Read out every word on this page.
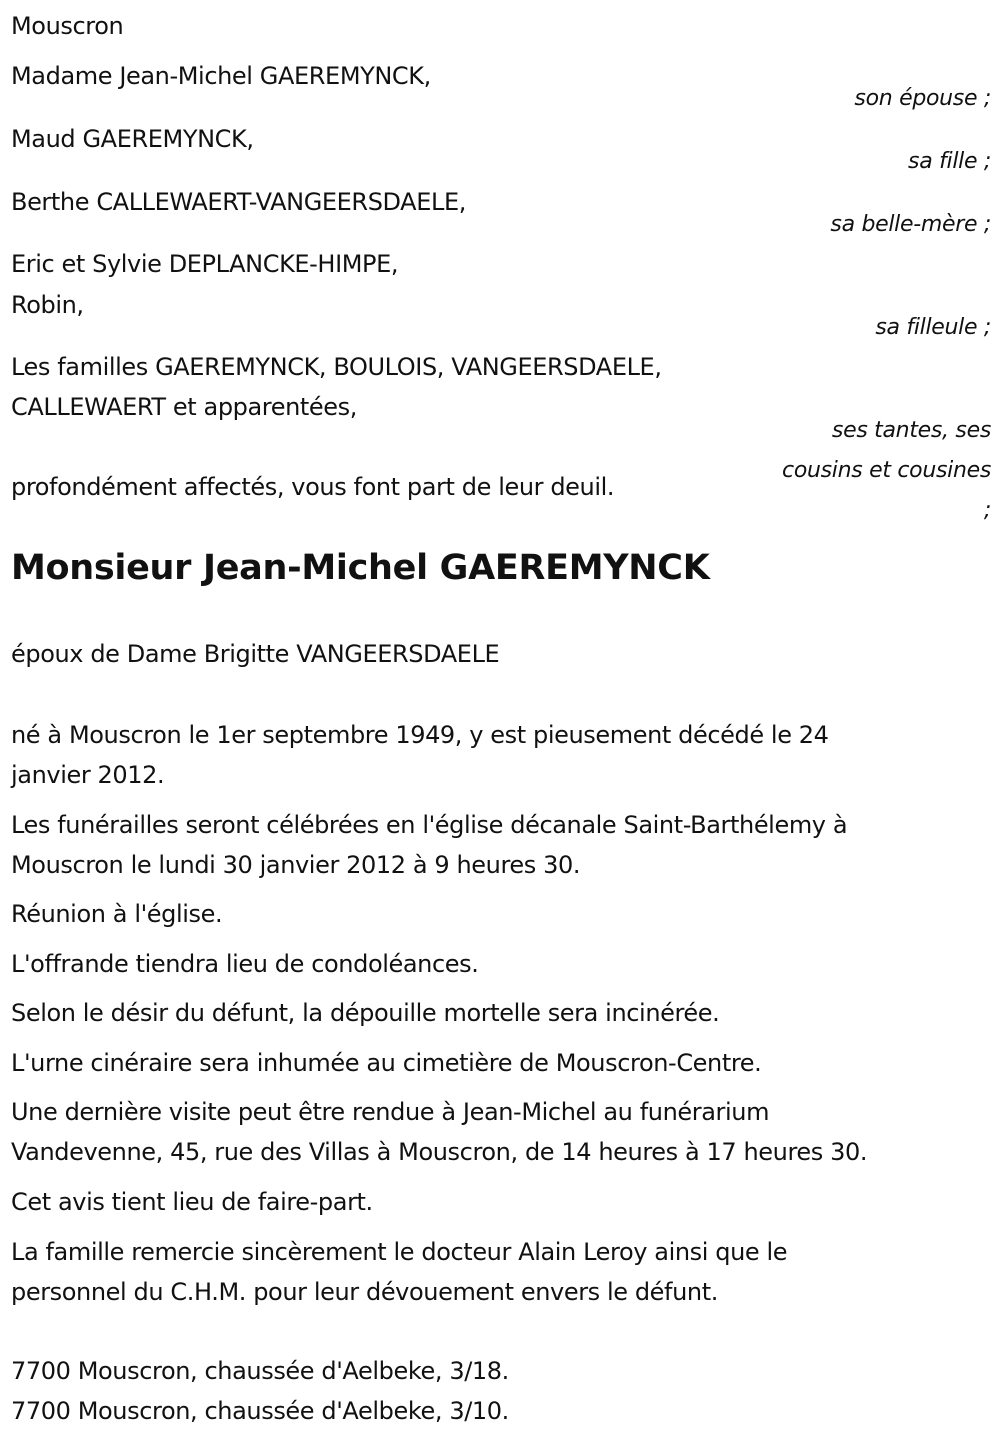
Mouscron
Madame Jean-Michel GAEREMYNCK,
son épouse ;
Maud GAEREMYNCK,
sa fille ;
Berthe CALLEWAERT-VANGEERSDAELE,
sa belle-mère ;
Eric et Sylvie DEPLANCKE-HIMPE,
Robin,
sa filleule ;
Les familles GAEREMYNCK, BOULOIS, VANGEERSDAELE,
CALLEWAERT et apparentées,
ses tantes, ses
cousins et cousines
;
profondément affectés, vous font part de leur deuil.
Monsieur Jean-Michel GAEREMYNCK
époux de Dame Brigitte VANGEERSDAELE
né à Mouscron le 1er septembre 1949, y est pieusement décédé le 24
janvier 2012.
Les funérailles seront célébrées en l'église décanale Saint-Barthélemy à
Mouscron le lundi 30 janvier 2012 à 9 heures 30.
Réunion à l'église.
L'offrande tiendra lieu de condoléances.
Selon le désir du défunt, la dépouille mortelle sera incinérée.
L'urne cinéraire sera inhumée au cimetière de Mouscron-Centre.
Une dernière visite peut être rendue à Jean-Michel au funérarium
Vandevenne, 45, rue des Villas à Mouscron, de 14 heures à 17 heures 30.
Cet avis tient lieu de faire-part.
La famille remercie sincèrement le docteur Alain Leroy ainsi que le
personnel du C.H.M. pour leur dévouement envers le défunt.
7700 Mouscron, chaussée d'Aelbeke, 3/18.
7700 Mouscron, chaussée d'Aelbeke, 3/10.
